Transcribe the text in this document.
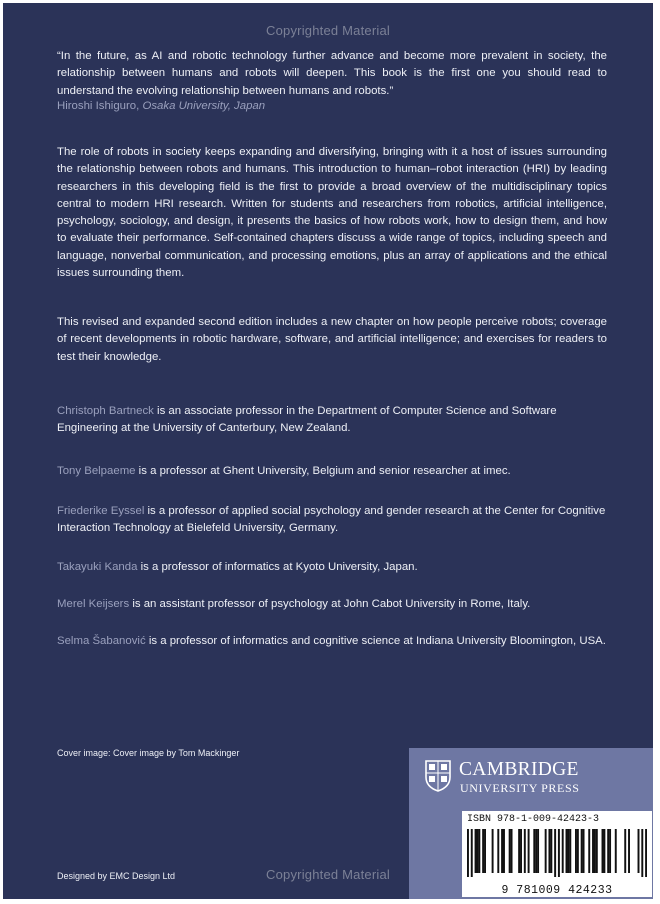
Copyrighted Material
“In the future, as AI and robotic technology further advance and become more prevalent in society, the relationship between humans and robots will deepen. This book is the first one you should read to understand the evolving relationship between humans and robots.”
Hiroshi Ishiguro, Osaka University, Japan
The role of robots in society keeps expanding and diversifying, bringing with it a host of issues surrounding the relationship between robots and humans. This introduction to human–robot interaction (HRI) by leading researchers in this developing field is the first to provide a broad overview of the multidisciplinary topics central to modern HRI research. Written for students and researchers from robotics, artificial intelligence, psychology, sociology, and design, it presents the basics of how robots work, how to design them, and how to evaluate their performance. Self-contained chapters discuss a wide range of topics, including speech and language, nonverbal communication, and processing emotions, plus an array of applications and the ethical issues surrounding them.
This revised and expanded second edition includes a new chapter on how people perceive robots; coverage of recent developments in robotic hardware, software, and artificial intelligence; and exercises for readers to test their knowledge.
Christoph Bartneck is an associate professor in the Department of Computer Science and Software Engineering at the University of Canterbury, New Zealand.
Tony Belpaeme is a professor at Ghent University, Belgium and senior researcher at imec.
Friederike Eyssel is a professor of applied social psychology and gender research at the Center for Cognitive Interaction Technology at Bielefeld University, Germany.
Takayuki Kanda is a professor of informatics at Kyoto University, Japan.
Merel Keijsers is an assistant professor of psychology at John Cabot University in Rome, Italy.
Selma Šabanović is a professor of informatics and cognitive science at Indiana University Bloomington, USA.
Cover image: Cover image by Tom Mackinger
Designed by EMC Design Ltd
CAMBRIDGE
UNIVERSITY PRESS
ISBN 978-1-009-42423-3
9 781009 424233
Copyrighted Material
